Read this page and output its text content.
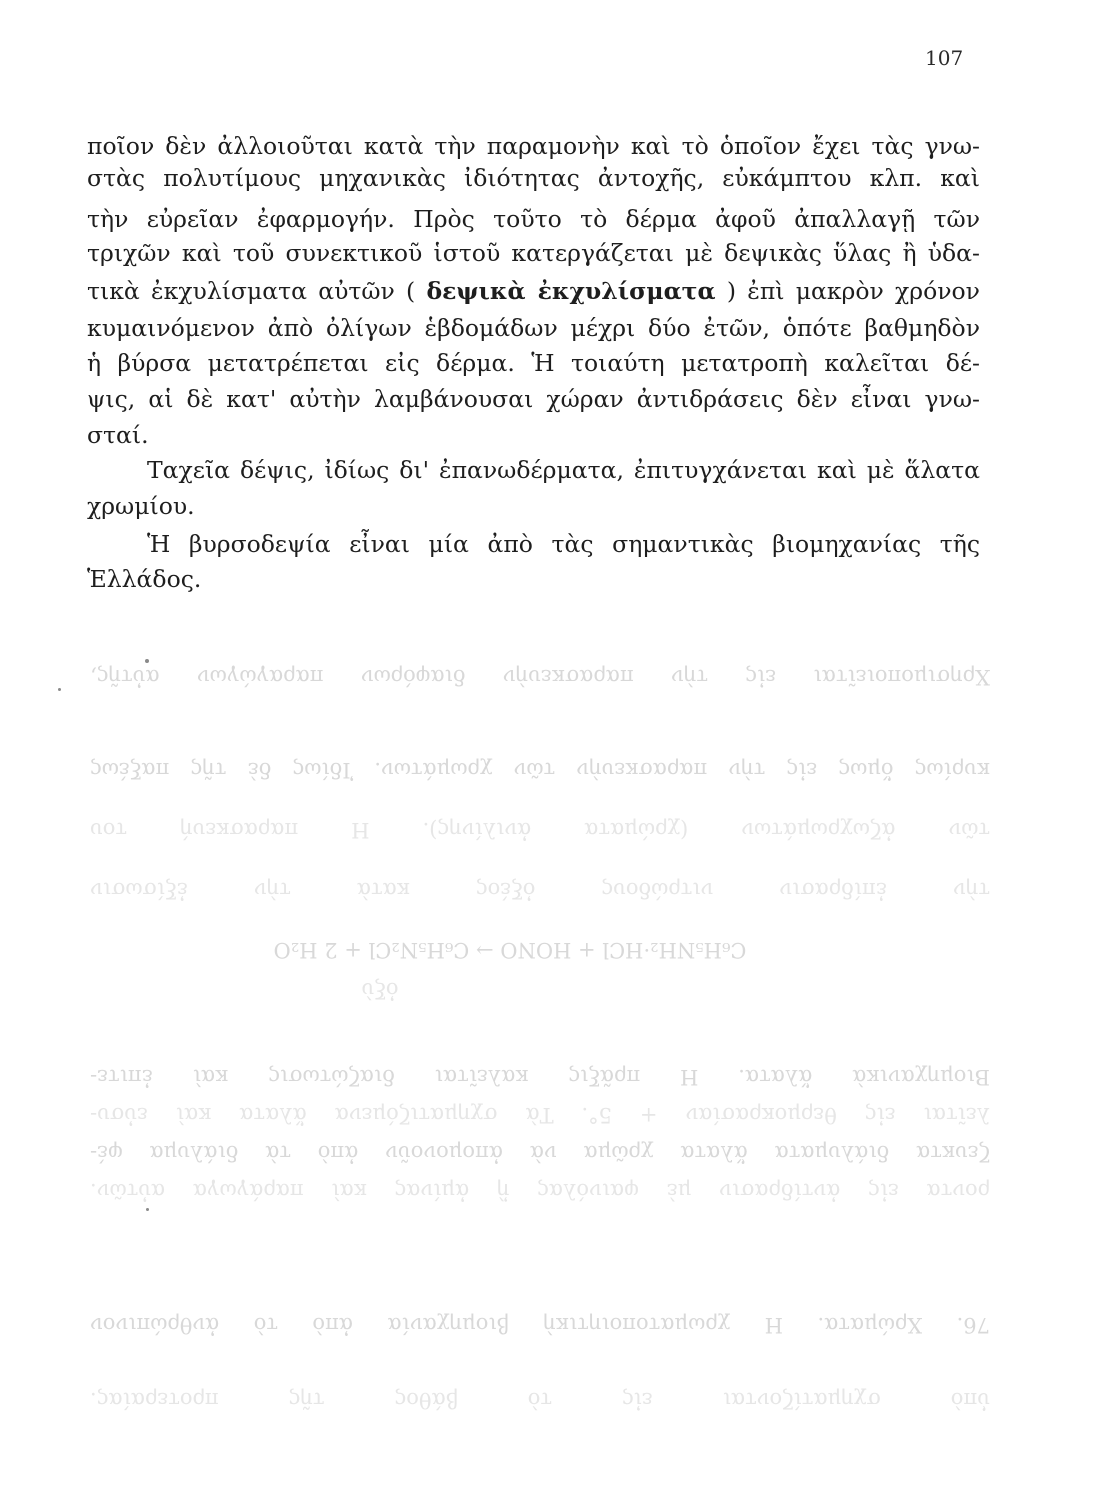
Χρησιμοποιεῖται εἰς τὴν παρασκευὴν διαφόρων παραγώγων αὐτῆς,
κυρίως ὅμως εἰς τὴν παρασκευὴν τῶν χρωμάτων. Ἰδίως δὲ τῆς παξέως
τῶν ἀζωχρωμάτων (χρώματα ἀνιλίνης). Η παρασκευή του
τὴν ἐπίδρασιν νιτρώδους ὀξέος κατὰ τὴν ἐξίσωσιν
C₆H₅NH₂·HCl + HONO → C₆H₅N₂Cl + 2 H₂O
ὀξὺ
Βιομηχανικὰ ἅλατα. Η πρᾶξις καλεῖται διαζώτωσις καὶ ἐπιτε-
λεῖται εἰς θερμοκρασίαν + 5°. Τὰ σχηματιζόμενα ἅλατα καὶ εὐσυ-
ζευκτα διάλυματα ἅλατα χρῶμα νὰ ἀπομονοῦν ἀπὸ τὰ διάλυμα φέ-
ροντα εἰς ἀντίδρασιν μὲ φαινόλας ἢ ἀμίνας καὶ παράγωγα αὐτῶν.
76. Χρώματα. Η χρωματοποιητικὴ βιομηχανία ἀπὸ τὸ ἀνθρώπινον
ὑπὸ σχηματίζονται εἰς τὸ βάθος τῆς προτεραίας.
107
ποῖον δὲν ἀλλοιοῦται κατὰ τὴν παραμονὴν καὶ τὸ ὁποῖον ἔχει τὰς γνω-
στὰς πολυτίμους μηχανικὰς ἰδιότητας ἀντοχῆς, εὐκάμπτου κλπ. καὶ
τὴν εὐρεῖαν ἐφαρμογήν. Πρὸς τοῦτο τὸ δέρμα ἀφοῦ ἀπαλλαγῇ τῶν
τριχῶν καὶ τοῦ συνεκτικοῦ ἱστοῦ κατεργάζεται μὲ δεψικὰς ὕλας ἢ ὑδα-
τικὰ ἐκχυλίσματα αὐτῶν ( δεψικὰ ἐκχυλίσματα ) ἐπὶ μακρὸν χρόνον
κυμαινόμενον ἀπὸ ὀλίγων ἑβδομάδων μέχρι δύο ἐτῶν, ὁπότε βαθμηδὸν
ἡ βύρσα μετατρέπεται εἰς δέρμα. Ἡ τοιαύτη μετατροπὴ καλεῖται δέ-
ψις, αἱ δὲ κατ' αὐτὴν λαμβάνουσαι χώραν ἀντιδράσεις δὲν εἶναι γνω-
σταί.
Ταχεῖα δέψις, ἰδίως δι' ἐπανωδέρματα, ἐπιτυγχάνεται καὶ μὲ ἅλατα
χρωμίου.
Ἡ βυρσοδεψία εἶναι μία ἀπὸ τὰς σημαντικὰς βιομηχανίας τῆς
Ἑλλάδος.
